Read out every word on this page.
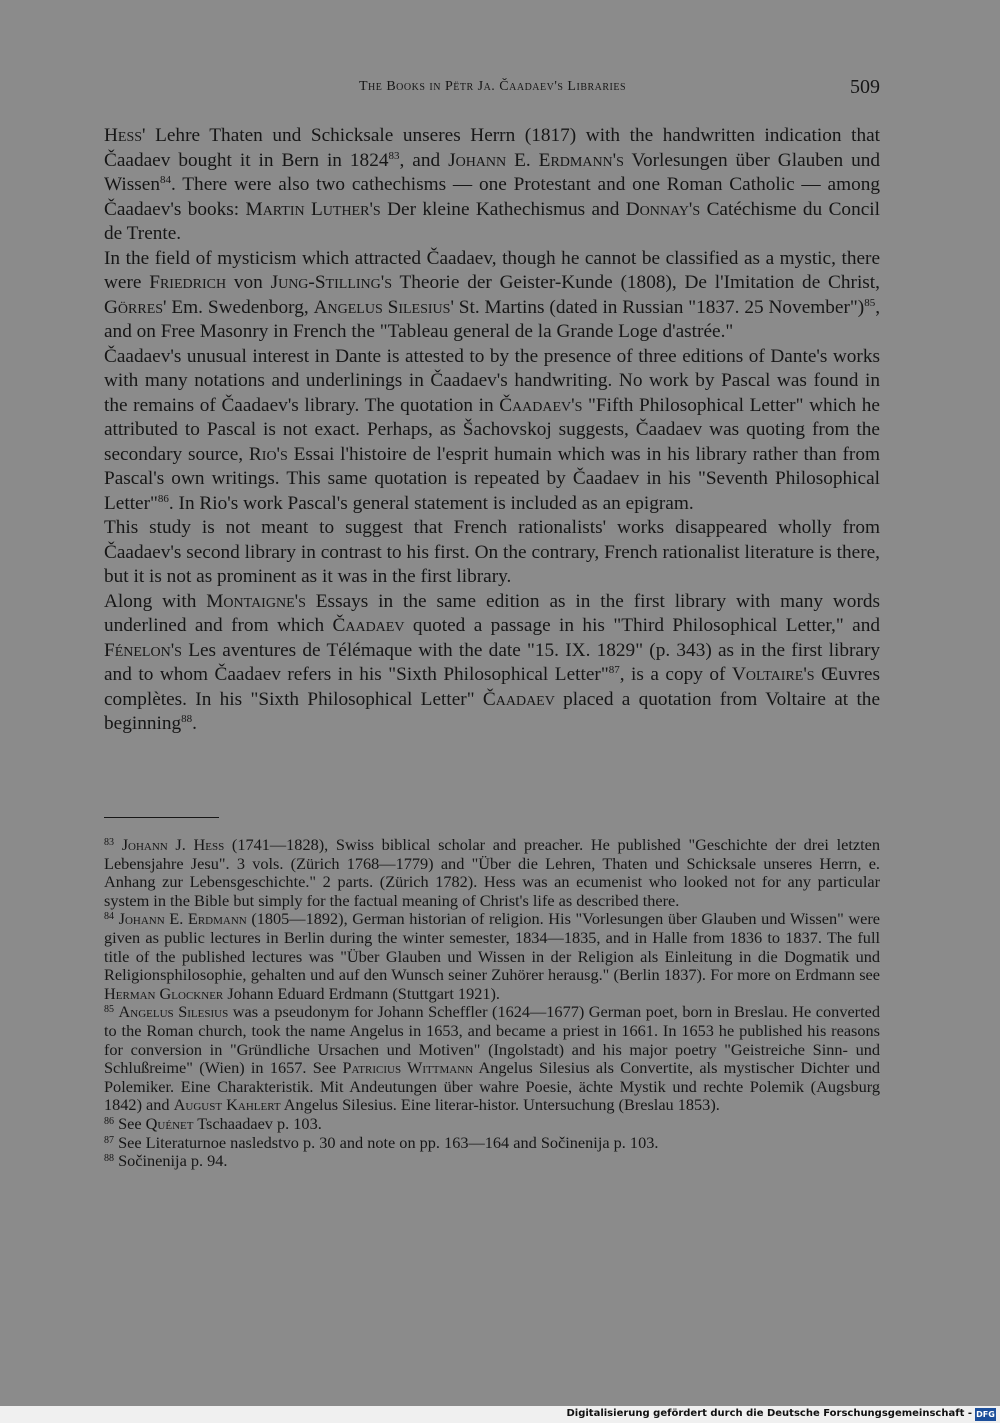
The Books in Pëtr Ja. Čaadaev's Libraries	509

Hess' Lehre Thaten und Schicksale unseres Herrn (1817) with the handwritten indication that Čaadaev bought it in Bern in 1824$^{83}$, and Johann E. Erdmann's Vorlesungen über Glauben und Wissen$^{84}$. There were also two cathechisms — one Protestant and one Roman Catholic — among Čaadaev's books: Martin Luther's Der kleine Kathechismus and Donnay's Catéchisme du Concil de Trente.

In the field of mysticism which attracted Čaadaev, though he cannot be classified as a mystic, there were Friedrich von Jung-Stilling's Theorie der Geister-Kunde (1808), De l'Imitation de Christ, Görres' Em. Swedenborg, Angelus Silesius' St. Martins (dated in Russian "1837. 25 November")$^{85}$, and on Free Masonry in French the "Tableau general de la Grande Loge d'astrée."

Čaadaev's unusual interest in Dante is attested to by the presence of three editions of Dante's works with many notations and underlinings in Čaadaev's handwriting. No work by Pascal was found in the remains of Čaadaev's library. The quotation in Čaadaev's "Fifth Philosophical Letter" which he attributed to Pascal is not exact. Perhaps, as Šachovskoj suggests, Čaadaev was quoting from the secondary source, Rio's Essai l'histoire de l'esprit humain which was in his library rather than from Pascal's own writings. This same quotation is repeated by Čaadaev in his "Seventh Philosophical Letter"$^{86}$. In Rio's work Pascal's general statement is included as an epigram.

This study is not meant to suggest that French rationalists' works disappeared wholly from Čaadaev's second library in contrast to his first. On the contrary, French rationalist literature is there, but it is not as prominent as it was in the first library.

Along with Montaigne's Essays in the same edition as in the first library with many words underlined and from which Čaadaev quoted a passage in his "Third Philosophical Letter," and Fénelon's Les aventures de Télémaque with the date "15. IX. 1829" (p. 343) as in the first library and to whom Čaadaev refers in his "Sixth Philosophical Letter"$^{87}$, is a copy of Voltaire's Œuvres complètes. In his "Sixth Philosophical Letter" Čaadaev placed a quotation from Voltaire at the beginning$^{88}$.

$^{83}$ Johann J. Hess (1741—1828), Swiss biblical scholar and preacher. He published "Geschichte der drei letzten Lebensjahre Jesu". 3 vols. (Zürich 1768—1779) and "Über die Lehren, Thaten und Schicksale unseres Herrn, e. Anhang zur Lebensgeschichte." 2 parts. (Zürich 1782). Hess was an ecumenist who looked not for any particular system in the Bible but simply for the factual meaning of Christ's life as described there.

$^{84}$ Johann E. Erdmann (1805—1892), German historian of religion. His "Vorlesungen über Glauben und Wissen" were given as public lectures in Berlin during the winter semester, 1834—1835, and in Halle from 1836 to 1837. The full title of the published lectures was "Über Glauben und Wissen in der Religion als Einleitung in die Dogmatik und Religionsphilosophie, gehalten und auf den Wunsch seiner Zuhörer herausg." (Berlin 1837). For more on Erdmann see Herman Glockner Johann Eduard Erdmann (Stuttgart 1921).

$^{85}$ Angelus Silesius was a pseudonym for Johann Scheffler (1624—1677) German poet, born in Breslau. He converted to the Roman church, took the name Angelus in 1653, and became a priest in 1661. In 1653 he published his reasons for conversion in "Gründliche Ursachen und Motiven" (Ingolstadt) and his major poetry "Geistreiche Sinn- und Schlußreime" (Wien) in 1657. See Patricius Wittmann Angelus Silesius als Convertite, als mystischer Dichter und Polemiker. Eine Charakteristik. Mit Andeutungen über wahre Poesie, ächte Mystik und rechte Polemik (Augsburg 1842) and August Kahlert Angelus Silesius. Eine literar-histor. Untersuchung (Breslau 1853).

$^{86}$ See Quénet Tschaadaev p. 103.

$^{87}$ See Literaturnoe nasledstvo p. 30 and note on pp. 163—164 and Sočinenija p. 103.

$^{88}$ Sočinenija p. 94.

Digitalisierung gefördert durch die Deutsche Forschungsgemeinschaft - DFG
